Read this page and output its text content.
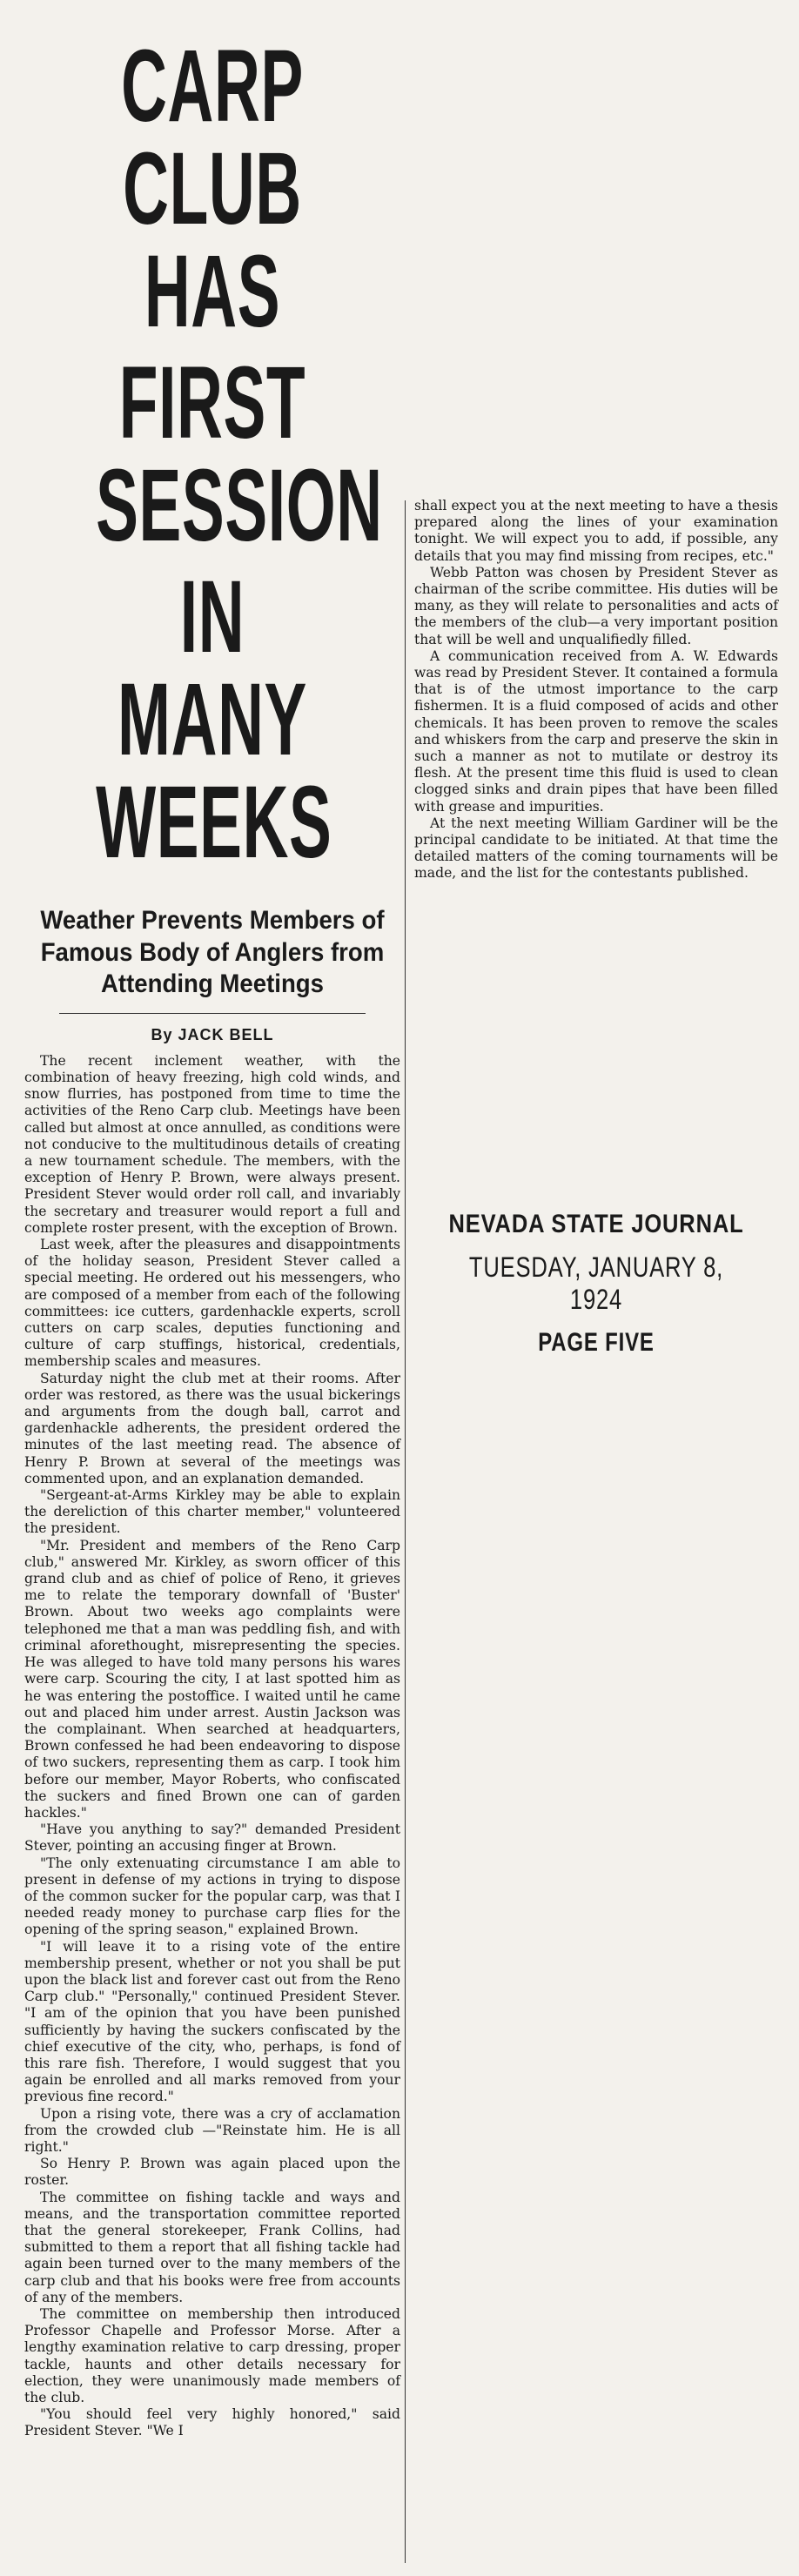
CARP CLUB HAS
FIRST SESSION
IN MANY WEEKS
Weather Prevents Members of Famous Body of Anglers from Attending Meetings
By JACK BELL

The recent inclement weather, with the combination of heavy freezing, high cold winds, and snow flurries, has postponed from time to time the activities of the Reno Carp club. Meetings have been called but almost at once annulled, as conditions were not conducive to the multitudinous details of creating a new tournament schedule. The members, with the exception of Henry P. Brown, were always present. President Stever would order roll call, and invariably the secretary and treasurer would report a full and complete roster present, with the exception of Brown.

Last week, after the pleasures and disappointments of the holiday season, President Stever called a special meeting. He ordered out his messengers, who are composed of a member from each of the following committees: ice cutters, gardenhackle experts, scroll cutters on carp scales, deputies functioning and culture of carp stuffings, historical, credentials, membership scales and measures.

Saturday night the club met at their rooms. After order was restored, as there was the usual bickerings and arguments from the dough ball, carrot and gardenhackle adherents, the president ordered the minutes of the last meeting read. The absence of Henry P. Brown at several of the meetings was commented upon, and an explanation demanded.

"Sergeant-at-Arms Kirkley may be able to explain the dereliction of this charter member," volunteered the president.

"Mr. President and members of the Reno Carp club," answered Mr. Kirkley, as sworn officer of this grand club and as chief of police of Reno, it grieves me to relate the temporary downfall of 'Buster' Brown. About two weeks ago complaints were telephoned me that a man was peddling fish, and with criminal aforethought, misrepresenting the species. He was alleged to have told many persons his wares were carp. Scouring the city, I at last spotted him as he was entering the postoffice. I waited until he came out and placed him under arrest. Austin Jackson was the complainant. When searched at headquarters, Brown confessed he had been endeavoring to dispose of two suckers, representing them as carp. I took him before our member, Mayor Roberts, who confiscated the suckers and fined Brown one can of garden hackles."

"Have you anything to say?" demanded President Stever, pointing an accusing finger at Brown.

"The only extenuating circumstance I am able to present in defense of my actions in trying to dispose of the common sucker for the popular carp, was that I needed ready money to purchase carp flies for the opening of the spring season," explained Brown.

"I will leave it to a rising vote of the entire membership present, whether or not you shall be put upon the black list and forever cast out from the Reno Carp club." "Personally," continued President Stever. "I am of the opinion that you have been punished sufficiently by having the suckers confiscated by the chief executive of the city, who, perhaps, is fond of this rare fish. Therefore, I would suggest that you again be enrolled and all marks removed from your previous fine record."

Upon a rising vote, there was a cry of acclamation from the crowded club —"Reinstate him. He is all right."

So Henry P. Brown was again placed upon the roster.

The committee on fishing tackle and ways and means, and the transportation committee reported that the general storekeeper, Frank Collins, had submitted to them a report that all fishing tackle had again been turned over to the many members of the carp club and that his books were free from accounts of any of the members.

The committee on membership then introduced Professor Chapelle and Professor Morse. After a lengthy examination relative to carp dressing, proper tackle, haunts and other details necessary for election, they were unanimously made members of the club.

"You should feel very highly honored," said President Stever. "We I

shall expect you at the next meeting to have a thesis prepared along the lines of your examination tonight. We will expect you to add, if possible, any details that you may find missing from recipes, etc."

Webb Patton was chosen by President Stever as chairman of the scribe committee. His duties will be many, as they will relate to personalities and acts of the members of the club—a very important position that will be well and unqualifiedly filled.

A communication received from A. W. Edwards was read by President Stever. It contained a formula that is of the utmost importance to the carp fishermen. It is a fluid composed of acids and other chemicals. It has been proven to remove the scales and whiskers from the carp and preserve the skin in such a manner as not to mutilate or destroy its flesh. At the present time this fluid is used to clean clogged sinks and drain pipes that have been filled with grease and impurities.

At the next meeting William Gardiner will be the principal candidate to be initiated. At that time the detailed matters of the coming tournaments will be made, and the list for the contestants published.

NEVADA STATE JOURNAL
TUESDAY, JANUARY 8, 1924
PAGE FIVE
